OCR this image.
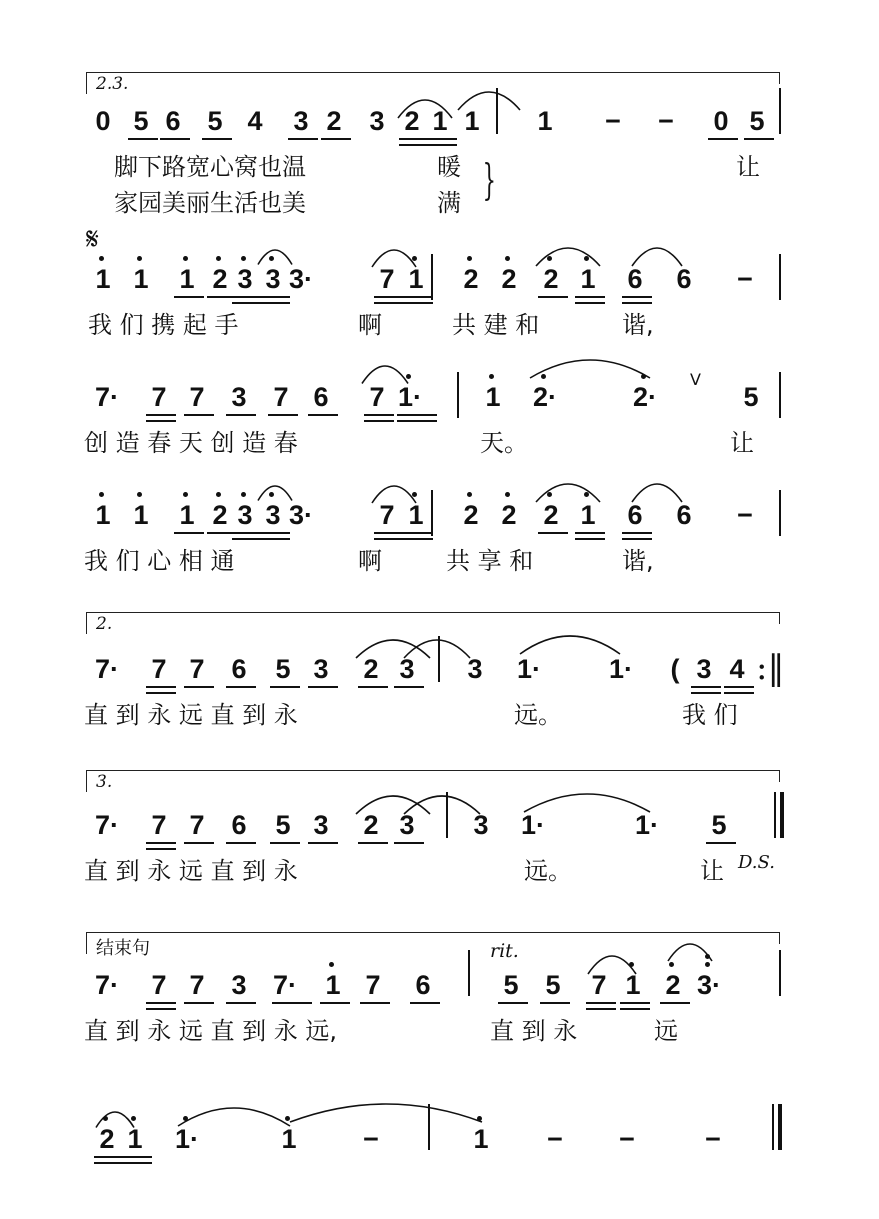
2.3.
0 5 6 5 4 3 2 3 2 1 1 1 − − 0 5
脚下路宽心窝也温	暖	让
家园美丽生活也美	满
1 1 1 2 3 3 3· 7 1 2 2 2 1 6 6 −
我 们 携 起 手	啊	共 建 和	谐,
7· 7 7 3 7 6 7 1· 1 2·	2·	5
创 造 春 天 创 造 春	天。	让
1 1 1 2 3 3 3· 7 1 2 2 2 1 6 6 −
我 们 心 相 通	啊	共 享 和	谐,
2.
7· 7 7 6 5 3 2 3 3 1·	1·	( 3 4 :‖
直 到 永 远 直 到 永	远。	我 们
3.
7· 7 7 6 5 3 2 3 3 1·	1· 5
直 到 永 远 直 到 永	远。	让 D.S.
结束句
7· 7 7 3 7· 1 7 6	5 5 7 1 2 3·
直 到 永 远 直 到 永 远,	直 到 永	远
rit.
2 1 1·	1 −	1 − −	−
𝄋
}
V
